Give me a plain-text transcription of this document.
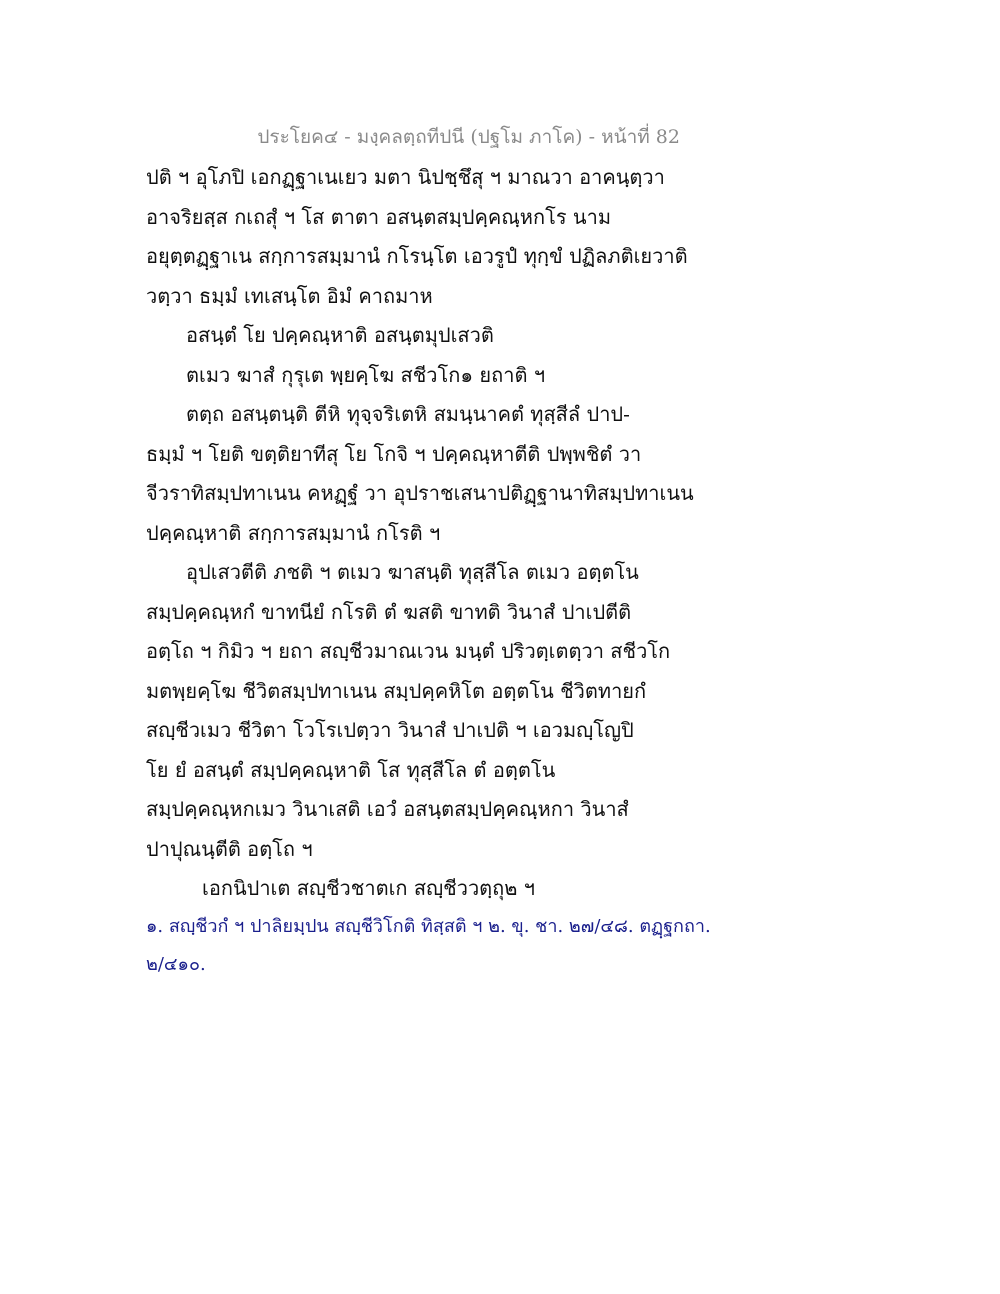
ประโยค๔ - มงฺคลตฺถทีปนี (ปฐโม ภาโค) - หน้าที่ 82
ปติ ฯ อุโภปิ เอกฏฺฐาเนเยว มตา นิปชฺชึสุ ฯ มาณวา อาคนฺตฺวา
อาจริยสฺส กเถสุํ ฯ โส ตาตา อสนฺตสมฺปคฺคณฺหกโร นาม
อยุตฺตฏฺฐาเน สกฺการสมฺมานํ กโรนฺโต เอวรูปํ ทุกฺขํ ปฏิลภติเยวาติ
วตฺวา ธมฺมํ เทเสนฺโต อิมํ คาถมาห
อสนฺตํ โย ปคฺคณฺหาติ อสนฺตมุปเสวติ
ตเมว ฆาสํ กุรุเต พฺยคฺโฆ สชีวโก๑ ยถาติ ฯ
ตตฺถ อสนฺตนฺติ ตีหิ ทุจฺจริเตหิ สมนฺนาคตํ ทุสฺสีลํ ปาป-
ธมฺมํ ฯ โยติ ขตฺติยาทีสุ โย โกจิ ฯ ปคฺคณฺหาตีติ ปพฺพชิตํ วา
จีวราทิสมฺปทาเนน คหฏฺฐํ วา อุปราชเสนาปติฏฺฐานาทิสมฺปทาเนน
ปคฺคณฺหาติ สกฺการสมฺมานํ กโรติ ฯ
อุปเสวตีติ ภชติ ฯ ตเมว ฆาสนฺติ ทุสฺสีโล ตเมว อตฺตโน
สมฺปคฺคณฺหกํ ขาทนียํ กโรติ ตํ ฆสติ ขาทติ วินาสํ ปาเปตีติ
อตฺโถ ฯ กิมิว ฯ ยถา สญฺชีวมาณเวน มนฺตํ ปริวตฺเตตฺวา สชีวโก
มตพฺยคฺโฆ ชีวิตสมฺปทาเนน สมฺปคฺคหิโต อตฺตโน ชีวิตทายกํ
สญฺชีวเมว ชีวิตา โวโรเปตฺวา วินาสํ ปาเปติ ฯ เอวมญฺโญปิ
โย ยํ อสนฺตํ สมฺปคฺคณฺหาติ โส ทุสฺสีโล ตํ อตฺตโน
สมฺปคฺคณฺหกเมว วินาเสติ เอวํ อสนฺตสมฺปคฺคณฺหกา วินาสํ
ปาปุณนฺตีติ อตฺโถ ฯ
เอกนิปาเต สญฺชีวชาตเก สญฺชีววตฺถุ๒ ฯ
๑. สญฺชีวกํ ฯ ปาลิยมฺปน สญฺชีวิโกติ ทิสฺสติ ฯ ๒. ขุ. ชา. ๒๗/๔๘. ตฏฺฐกถา.
๒/๔๑๐.
